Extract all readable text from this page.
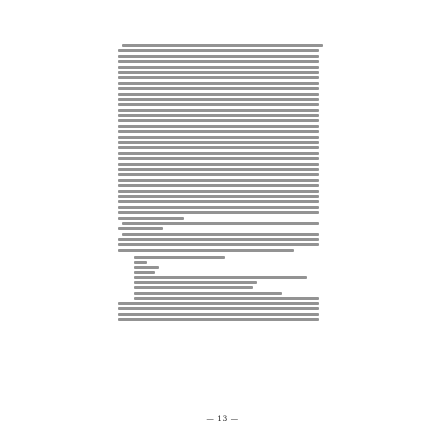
— 13 —
